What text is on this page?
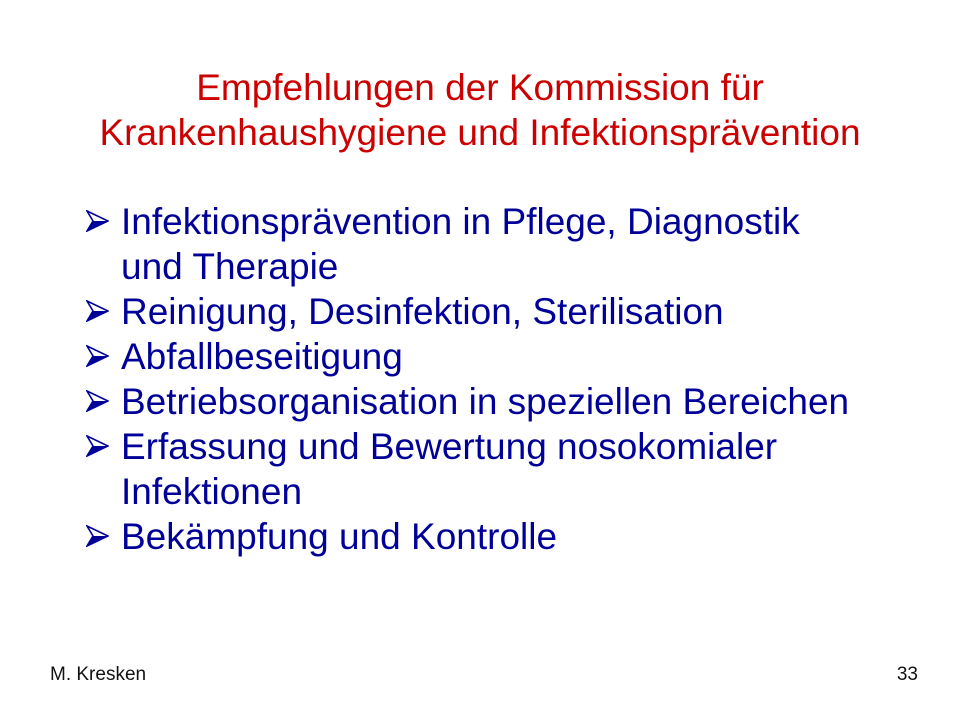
Empfehlungen der Kommission für
Krankenhaushygiene und Infektionsprävention
Infektionsprävention in Pflege, Diagnostik
und Therapie
Reinigung, Desinfektion, Sterilisation
Abfallbeseitigung
Betriebsorganisation in speziellen Bereichen
Erfassung und Bewertung nosokomialer
Infektionen
Bekämpfung und Kontrolle
M. Kresken	33
